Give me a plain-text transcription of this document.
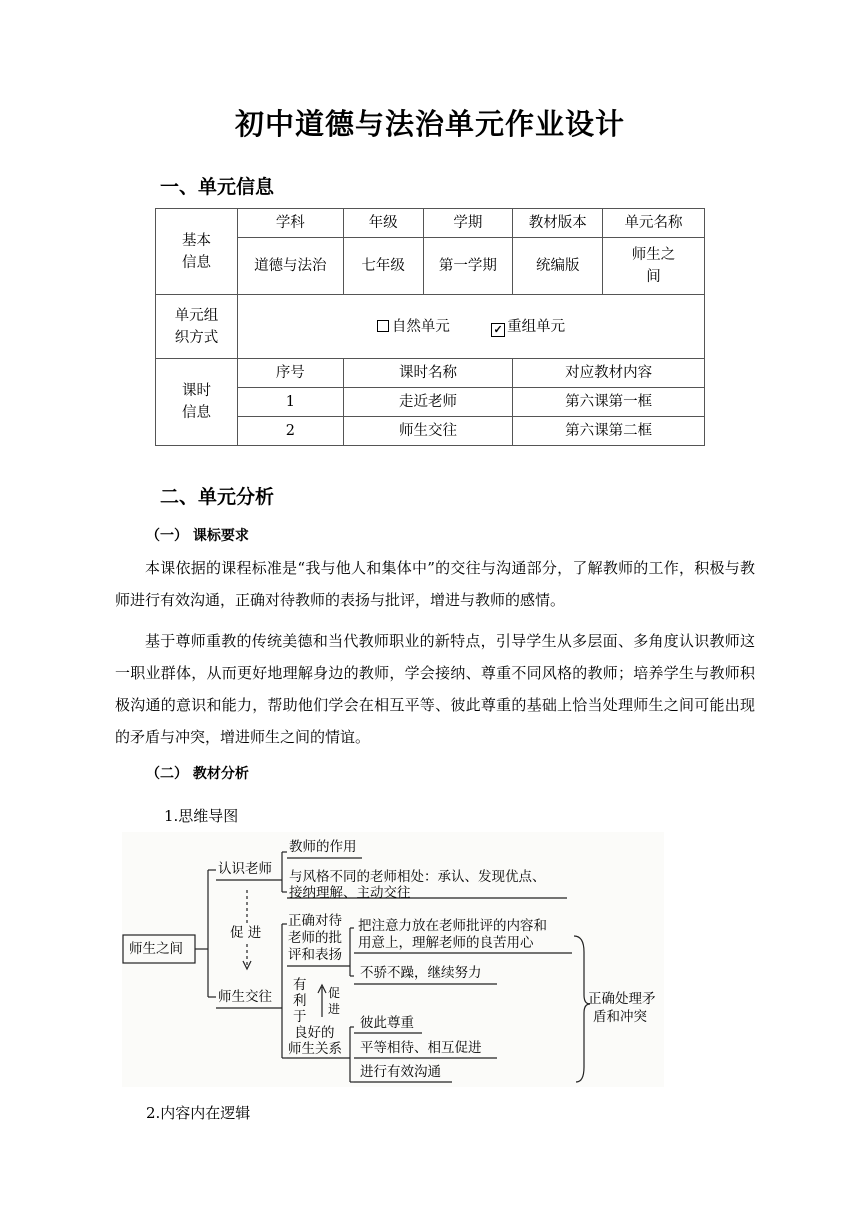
初中道德与法治单元作业设计
一、单元信息
基本信息	学科	年级	学期	教材版本	单元名称
	道德与法治	七年级	第一学期	统编版	师生之间
单元组织方式	自然单元 ✓ 重组单元				
课时信息	序号	课时名称		对应教材内容	
	1	走近老师		第六课第一框	
	2	师生交往		第六课第二框	
二、单元分析
（一） 课标要求

本课依据的课程标准是“我与他人和集体中”的交往与沟通部分，了解教师的工作，积极与教师进行有效沟通，正确对待教师的表扬与批评，增进与教师的感情。

基于尊师重教的传统美德和当代教师职业的新特点，引导学生从多层面、多角度认识教师这一职业群体，从而更好地理解身边的教师，学会接纳、尊重不同风格的教师；培养学生与教师积极沟通的意识和能力，帮助他们学会在相互平等、彼此尊重的基础上恰当处理师生之间可能出现的矛盾与冲突，增进师生之间的情谊。

（二） 教材分析
1.思维导图
师生之间
认识老师
促 进
师生交往
教师的作用
与风格不同的老师相处：承认、发现优点、
接纳理解、主动交往
正确对待
老师的批
评和表扬
把注意力放在老师批评的内容和
用意上，理解老师的良苦用心
不骄不躁，继续努力
有
利
于
促
进
良好的
师生关系
彼此尊重
平等相待、相互促进
进行有效沟通
正确处理矛
盾和冲突
2.内容内在逻辑
